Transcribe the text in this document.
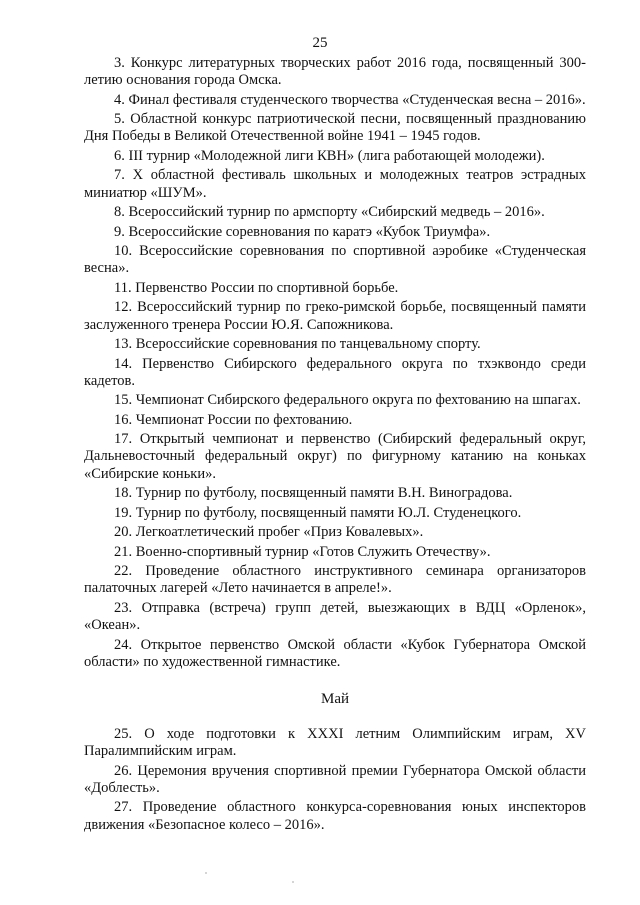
25

3. Конкурс литературных творческих работ 2016 года, посвященный 300-летию основания города Омска.

4. Финал фестиваля студенческого творчества «Студенческая весна – 2016».

5. Областной конкурс патриотической песни, посвященный празднованию Дня Победы в Великой Отечественной войне 1941 – 1945 годов.

6. III турнир «Молодежной лиги КВН» (лига работающей молодежи).

7. X областной фестиваль школьных и молодежных театров эстрадных миниатюр «ШУМ».

8. Всероссийский турнир по армспорту «Сибирский медведь – 2016».

9. Всероссийские соревнования по каратэ «Кубок Триумфа».

10. Всероссийские соревнования по спортивной аэробике «Студенческая весна».

11. Первенство России по спортивной борьбе.

12. Всероссийский турнир по греко-римской борьбе, посвященный памяти заслуженного тренера России Ю.Я. Сапожникова.

13. Всероссийские соревнования по танцевальному спорту.

14. Первенство Сибирского федерального округа по тхэквондо среди кадетов.

15. Чемпионат Сибирского федерального округа по фехтованию на шпагах.

16. Чемпионат России по фехтованию.

17. Открытый чемпионат и первенство (Сибирский федеральный округ, Дальневосточный федеральный округ) по фигурному катанию на коньках «Сибирские коньки».

18. Турнир по футболу, посвященный памяти В.Н. Виноградова.

19. Турнир по футболу, посвященный памяти Ю.Л. Студенецкого.

20. Легкоатлетический пробег «Приз Ковалевых».

21. Военно-спортивный турнир «Готов Служить Отечеству».

22. Проведение областного инструктивного семинара организаторов палаточных лагерей «Лето начинается в апреле!».

23. Отправка (встреча) групп детей, выезжающих в ВДЦ «Орленок», «Океан».

24. Открытое первенство Омской области «Кубок Губернатора Омской области» по художественной гимнастике.

Май

25. О ходе подготовки к XXXI летним Олимпийским играм, XV Паралимпийским играм.

26. Церемония вручения спортивной премии Губернатора Омской области «Доблесть».

27. Проведение областного конкурса-соревнования юных инспекторов движения «Безопасное колесо – 2016».
